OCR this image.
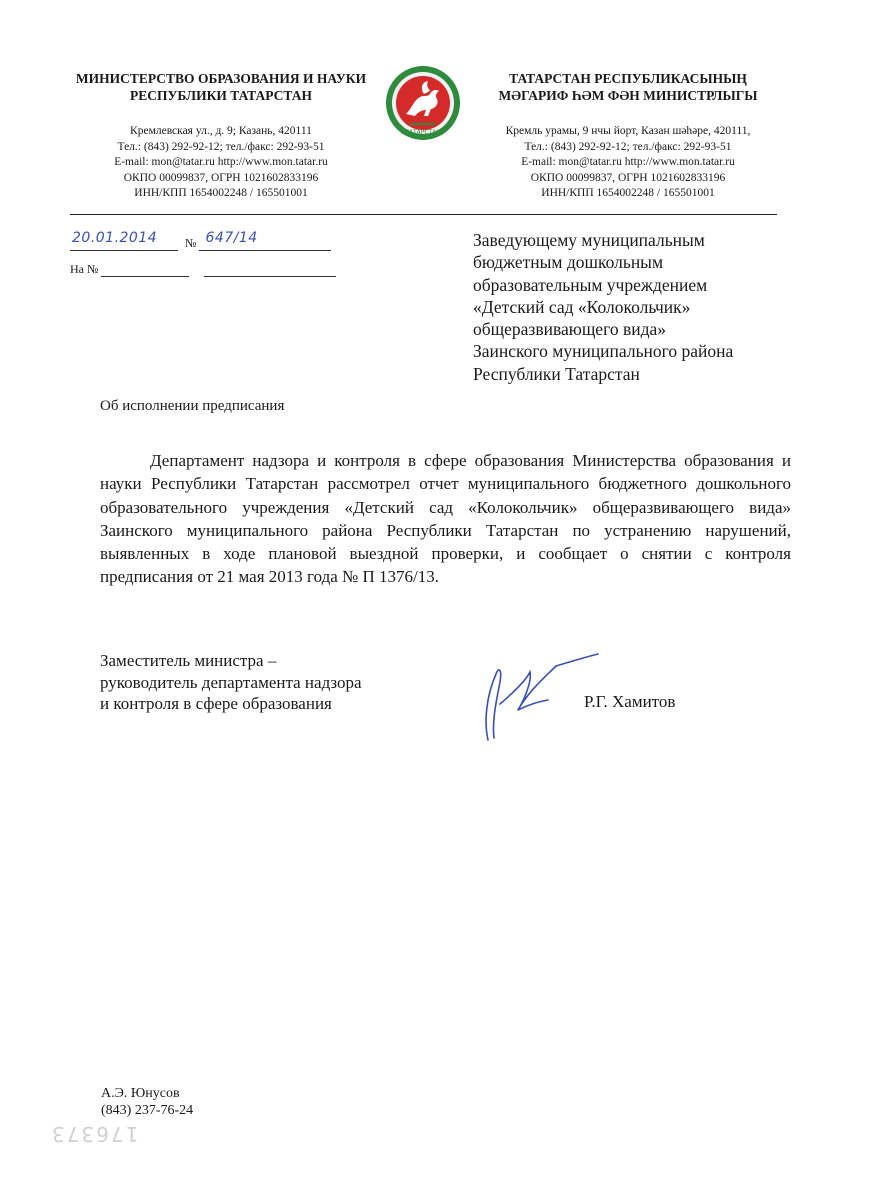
МИНИСТЕРСТВО ОБРАЗОВАНИЯ И НАУКИ
РЕСПУБЛИКИ ТАТАРСТАН
Кремлевская ул., д. 9; Казань, 420111
Тел.: (843) 292-92-12; тел./факс: 292-93-51
E-mail: mon@tatar.ru http://www.mon.tatar.ru
ОКПО 00099837, ОГРН 1021602833196
ИНН/КПП 1654002248 / 165501001
ТАТАРСТАН
ТАТАРСТАН РЕСПУБЛИКАСЫНЫҢ
МӘГАРИФ ҺӘМ ФӘН МИНИСТРЛЫГЫ
Кремль урамы, 9 нчы йорт, Казан шәһәре, 420111,
Тел.: (843) 292-92-12; тел./факс: 292-93-51
E-mail: mon@tatar.ru http://www.mon.tatar.ru
ОКПО 00099837, ОГРН 1021602833196
ИНН/КПП 1654002248 / 165501001
20.01.2014 № 647/14
На №
Заведующему муниципальным
бюджетным дошкольным
образовательным учреждением
«Детский сад «Колокольчик»
общеразвивающего вида»
Заинского муниципального района
Республики Татарстан
Об исполнении предписания
Департамент надзора и контроля в сфере образования Министерства образования и науки Республики Татарстан рассмотрел отчет муниципального бюджетного дошкольного образовательного учреждения «Детский сад «Колокольчик» общеразвивающего вида» Заинского муниципального района Республики Татарстан по устранению нарушений, выявленных в ходе плановой выездной проверки, и сообщает о снятии с контроля предписания от 21 мая 2013 года № П 1376/13.
Заместитель министра –
руководитель департамента надзора
и контроля в сфере образования	Р.Г. Хамитов
А.Э. Юнусов
(843) 237-76-24
176373
